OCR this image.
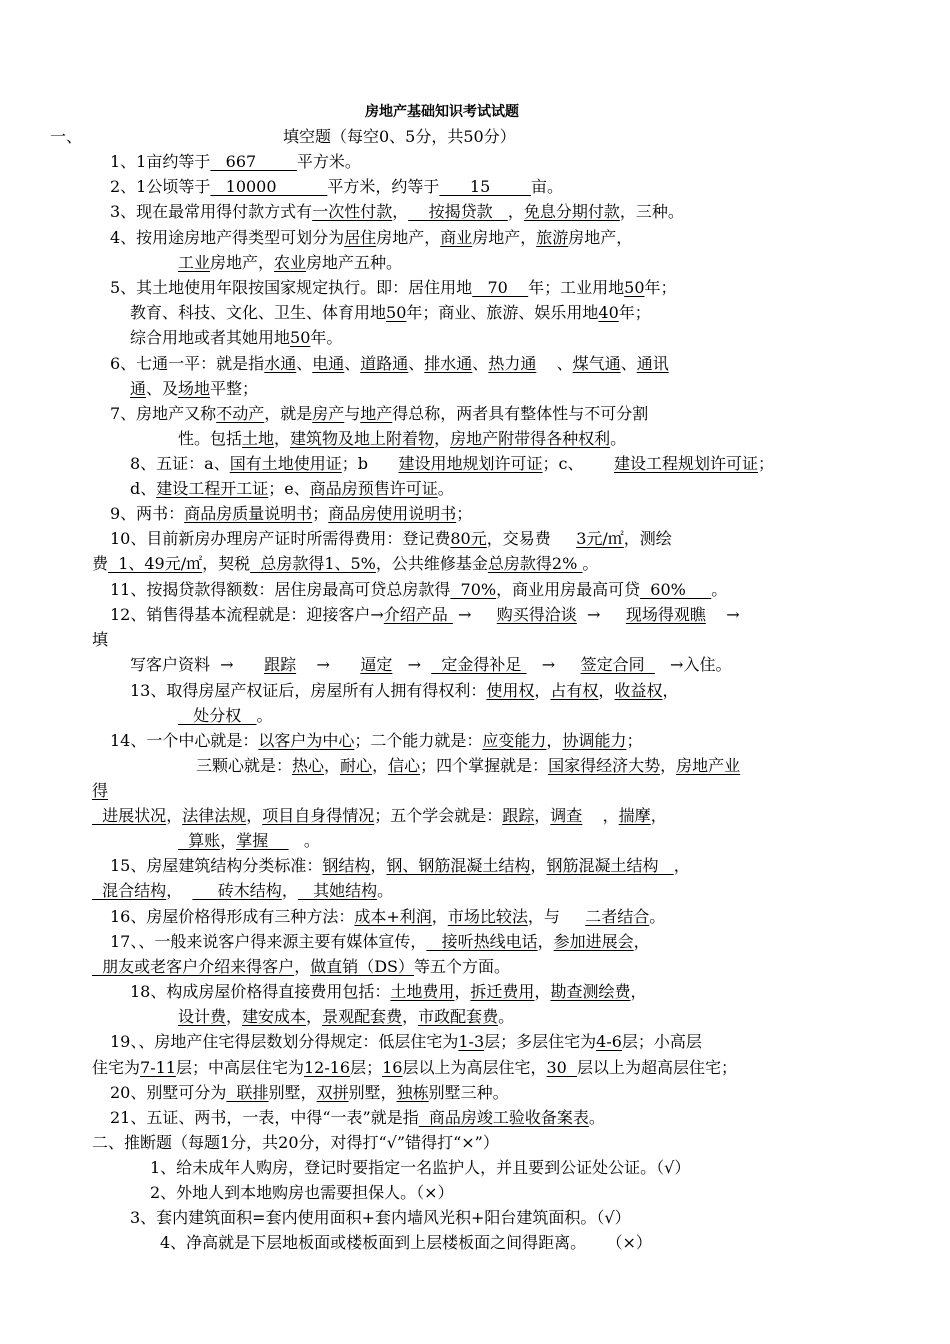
房地产基础知识考试试题
一、	填空题（每空0、5分，共50分）
1、1亩约等于   667        平方米。
2、1公顷等于   10000          平方米，约等于      15        亩。
3、现在最常用得付款方式有一次性付款，    按揭贷款   ，免息分期付款，三种。
4、按用途房地产得类型可划分为居住房地产，商业房地产，旅游房地产，
工业房地产，农业房地产五种。
5、其土地使用年限按国家规定执行。即：居住用地   70    年；工业用地50年；
教育、科技、文化、卫生、体育用地50年；商业、旅游、娱乐用地40年；
综合用地或者其她用地50年。
6、七通一平：就是指水通、电通、道路通、排水通、热力通    、煤气通、通讯
通、及场地平整；
7、房地产又称不动产，就是房产与地产得总称，两者具有整体性与不可分割
性。包括土地，建筑物及地上附着物，房地产附带得各种权利。
8、五证：a、国有土地使用证；b      建设用地规划许可证；c、      建设工程规划许可证；
d、建设工程开工证；e、商品房预售许可证。
9、两书：商品房质量说明书；商品房使用说明书；
10、目前新房办理房产证时所需得费用：登记费80元，交易费     3元/㎡，测绘
费  1、49元/㎡，契税  总房款得1、5%，公共维修基金总房款得2% 。
11、按揭贷款得额数：居住房最高可贷总房款得  70%，商业用房最高可贷  60%     。
12、销售得基本流程就是：迎接客户→介绍产品  →     购买得洽谈  →     现场得观瞧    →
填
写客户资料  →      跟踪    →      逼定   →    定金得补足    →     签定合同     →入住。
13、取得房屋产权证后，房屋所有人拥有得权利：使用权，占有权，收益权，
处分权   。
14、一个中心就是：以客户为中心；二个能力就是：应变能力，协调能力；
三颗心就是：热心，耐心，信心；四个掌握就是：国家得经济大势，房地产业
得
进展状况，法律法规，项目自身得情况；五个学会就是：跟踪，调查    ，揣摩，
算账，掌握       。
15、房屋建筑结构分类标准：钢结构，钢、钢筋混凝土结构，钢筋混凝土结构   ，
混合结构，       砖木结构，   其她结构。
16、房屋价格得形成有三种方法：成本+利润，市场比较法，与     二者结合。
17、、一般来说客户得来源主要有媒体宣传，   接听热线电话，参加进展会，
朋友或老客户介绍来得客户，做直销（DS）等五个方面。
18、构成房屋价格得直接费用包括：土地费用，拆迁费用，勘查测绘费，
设计费，建安成本，景观配套费，市政配套费。
19、、房地产住宅得层数划分得规定：低层住宅为1-3层；多层住宅为4-6层；小高层
住宅为7-11层；中高层住宅为12-16层；16层以上为高层住宅，30  层以上为超高层住宅；
20、别墅可分为  联排别墅，双拼别墅，独栋别墅三种。
21、五证、两书，一表，中得“一表”就是指  商品房竣工验收备案表。
二、推断题（每题1分，共20分，对得打“√”错得打“×”）
1、给未成年人购房，登记时要指定一名监护人，并且要到公证处公证。（√）
2、外地人到本地购房也需要担保人。（×）
3、套内建筑面积=套内使用面积+套内墙风光积+阳台建筑面积。（√）
4、净高就是下层地板面或楼板面到上层楼板面之间得距离。    （×）
